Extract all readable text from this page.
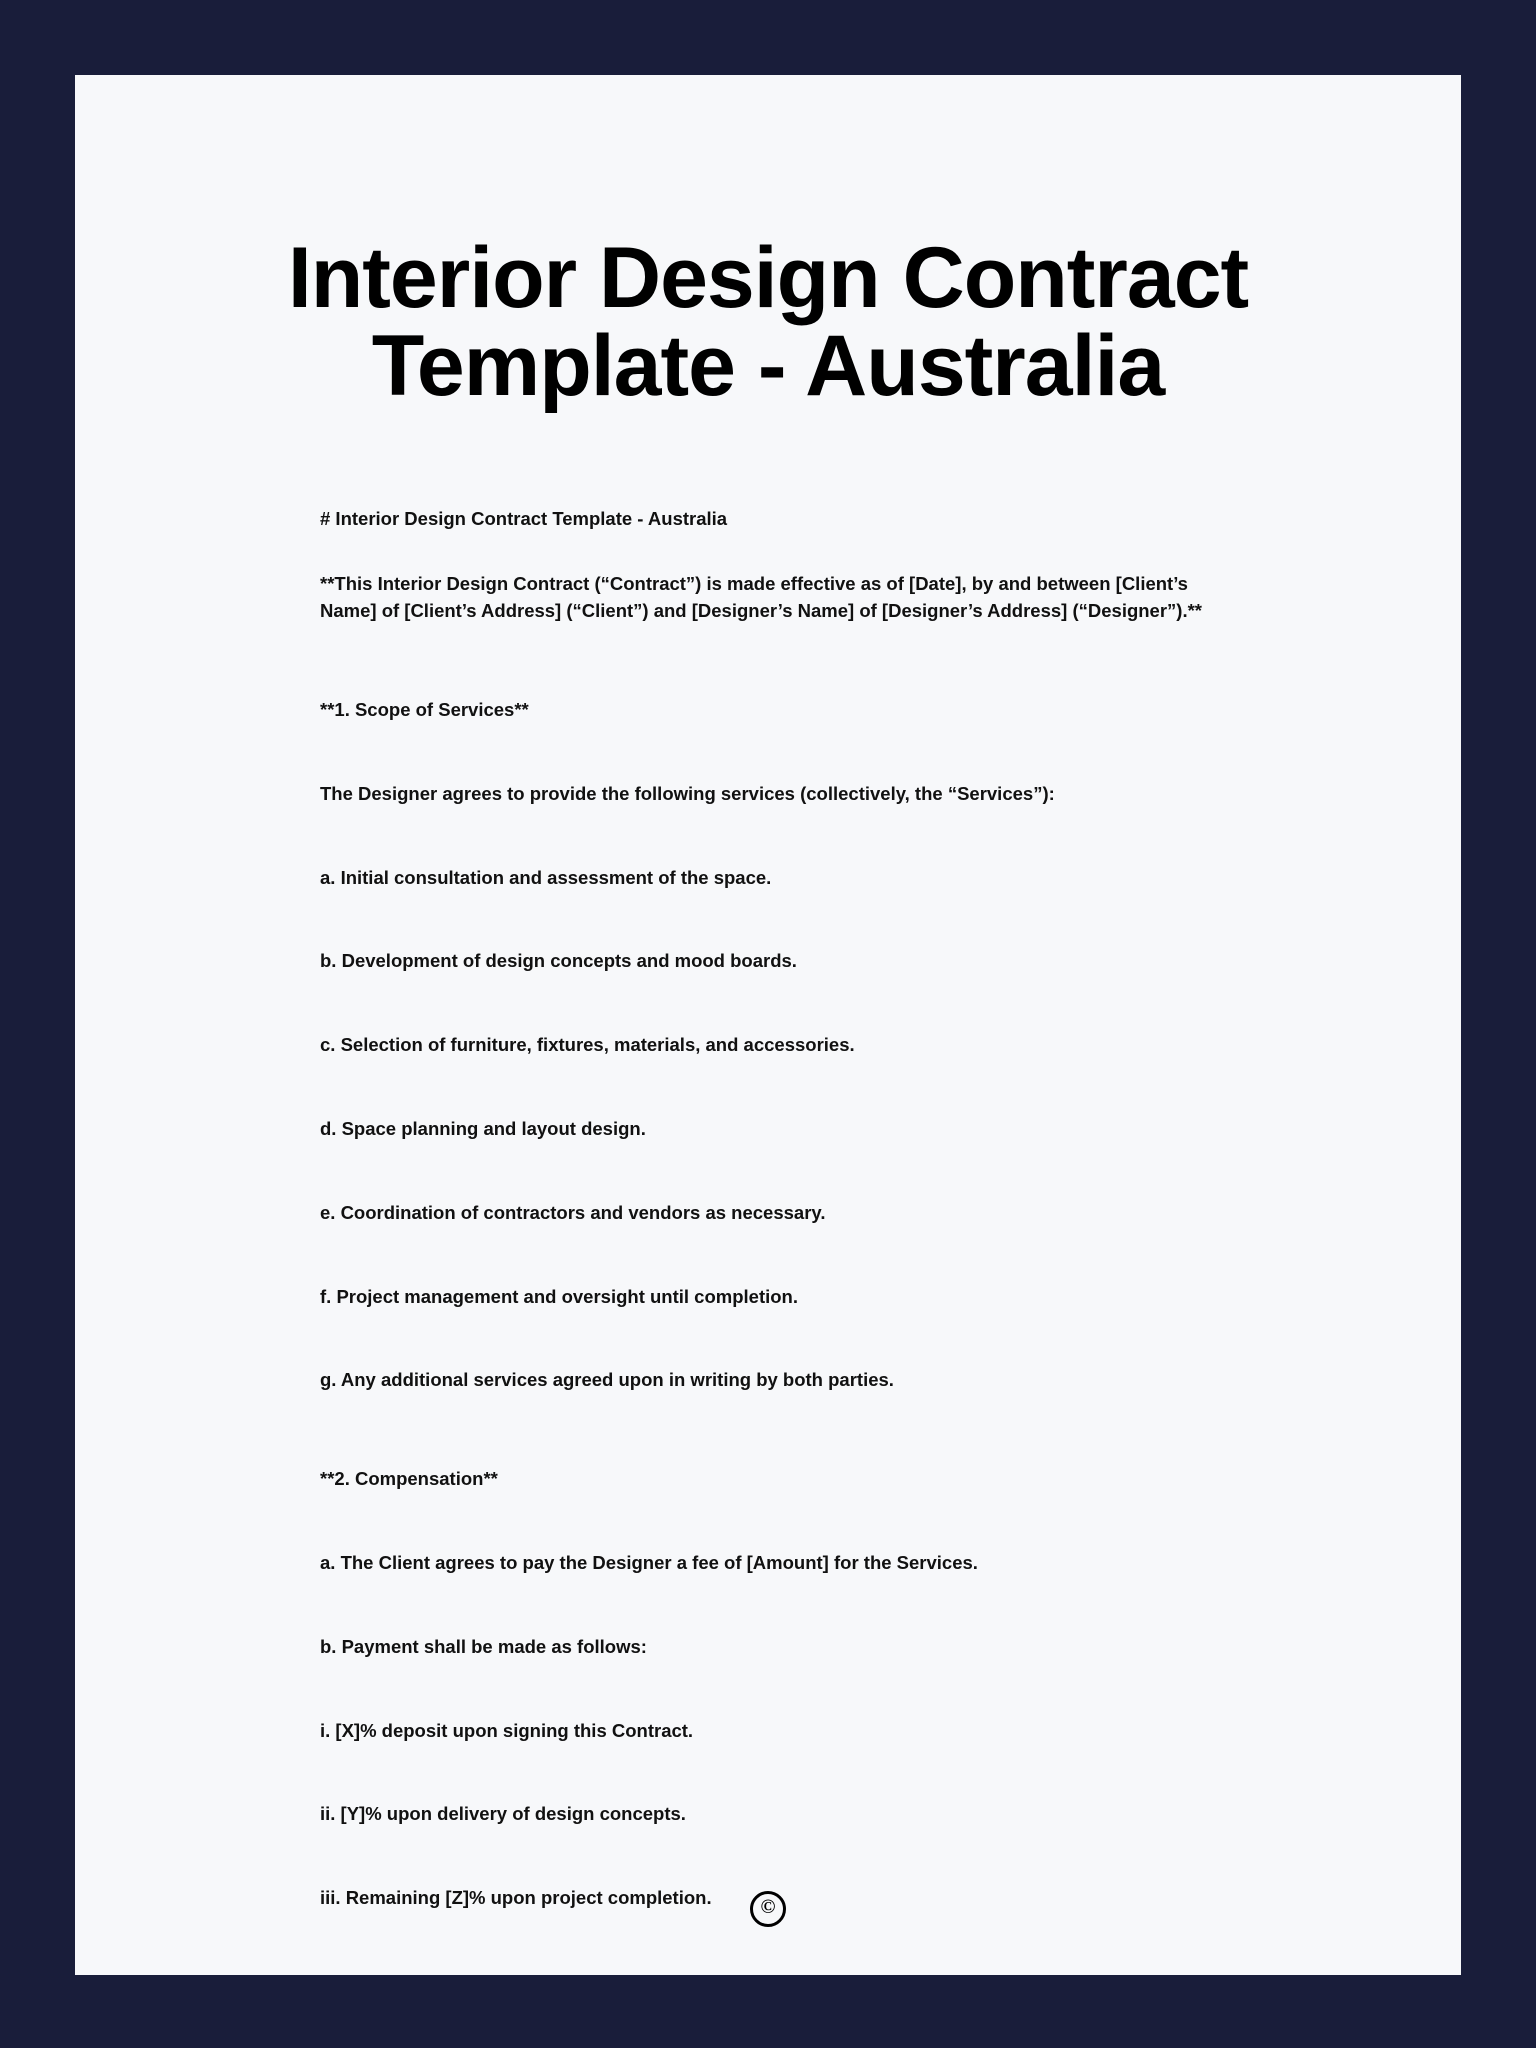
Interior Design Contract Template - Australia
# Interior Design Contract Template - Australia
**This Interior Design Contract (“Contract”) is made effective as of [Date], by and between [Client’s Name] of [Client’s Address] (“Client”) and [Designer’s Name] of [Designer’s Address] (“Designer”).**
**1. Scope of Services**
The Designer agrees to provide the following services (collectively, the “Services”):
a. Initial consultation and assessment of the space.
b. Development of design concepts and mood boards.
c. Selection of furniture, fixtures, materials, and accessories.
d. Space planning and layout design.
e. Coordination of contractors and vendors as necessary.
f. Project management and oversight until completion.
g. Any additional services agreed upon in writing by both parties.
**2. Compensation**
a. The Client agrees to pay the Designer a fee of [Amount] for the Services.
b. Payment shall be made as follows:
i. [X]% deposit upon signing this Contract.
ii. [Y]% upon delivery of design concepts.
iii. Remaining [Z]% upon project completion.	©
